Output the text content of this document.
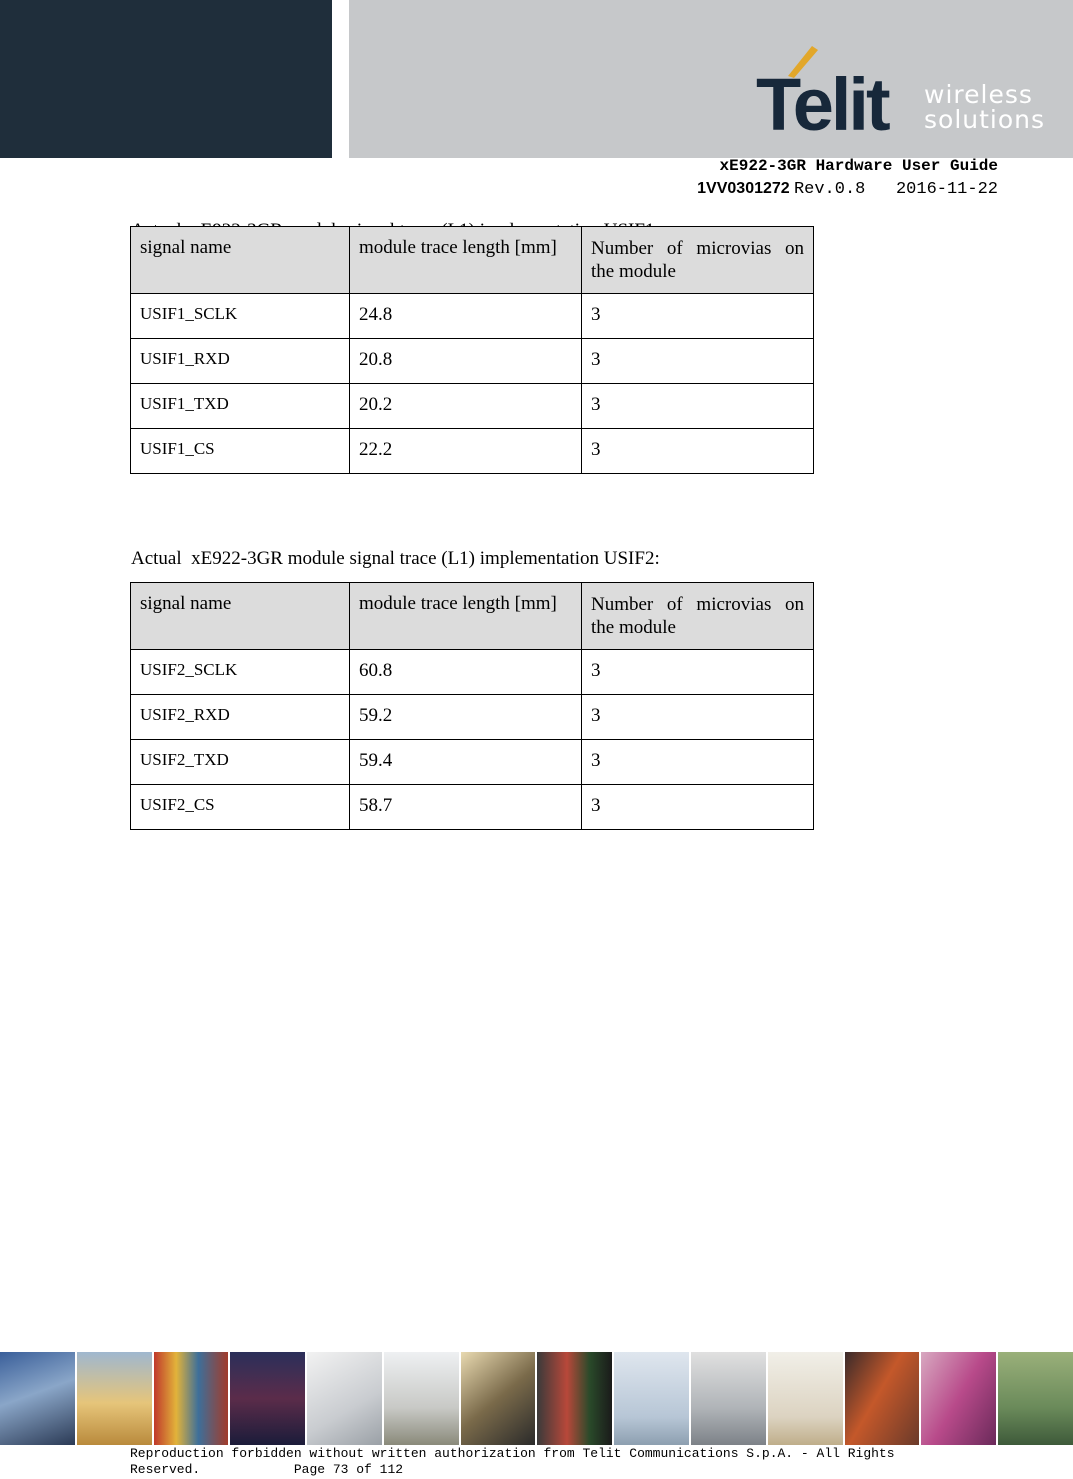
Telit wireless
solutions
xE922-3GR Hardware User Guide
1VV0301272 Rev.0.8 2016-11-22
signal name	module trace length [mm]	Number of microvias on the module
USIF1_SCLK	24.8	3
USIF1_RXD	20.8	3
USIF1_TXD	20.2	3
USIF1_CS	22.2	3
Actual  xE922-3GR module signal trace (L1) implementation USIF2:
signal name	module trace length [mm]	Number of microvias on the module
USIF2_SCLK	60.8	3
USIF2_RXD	59.2	3
USIF2_TXD	59.4	3
USIF2_CS	58.7	3
Reproduction forbidden without written authorization from Telit Communications S.p.A. - All Rights
Reserved.	Page 73 of 112
